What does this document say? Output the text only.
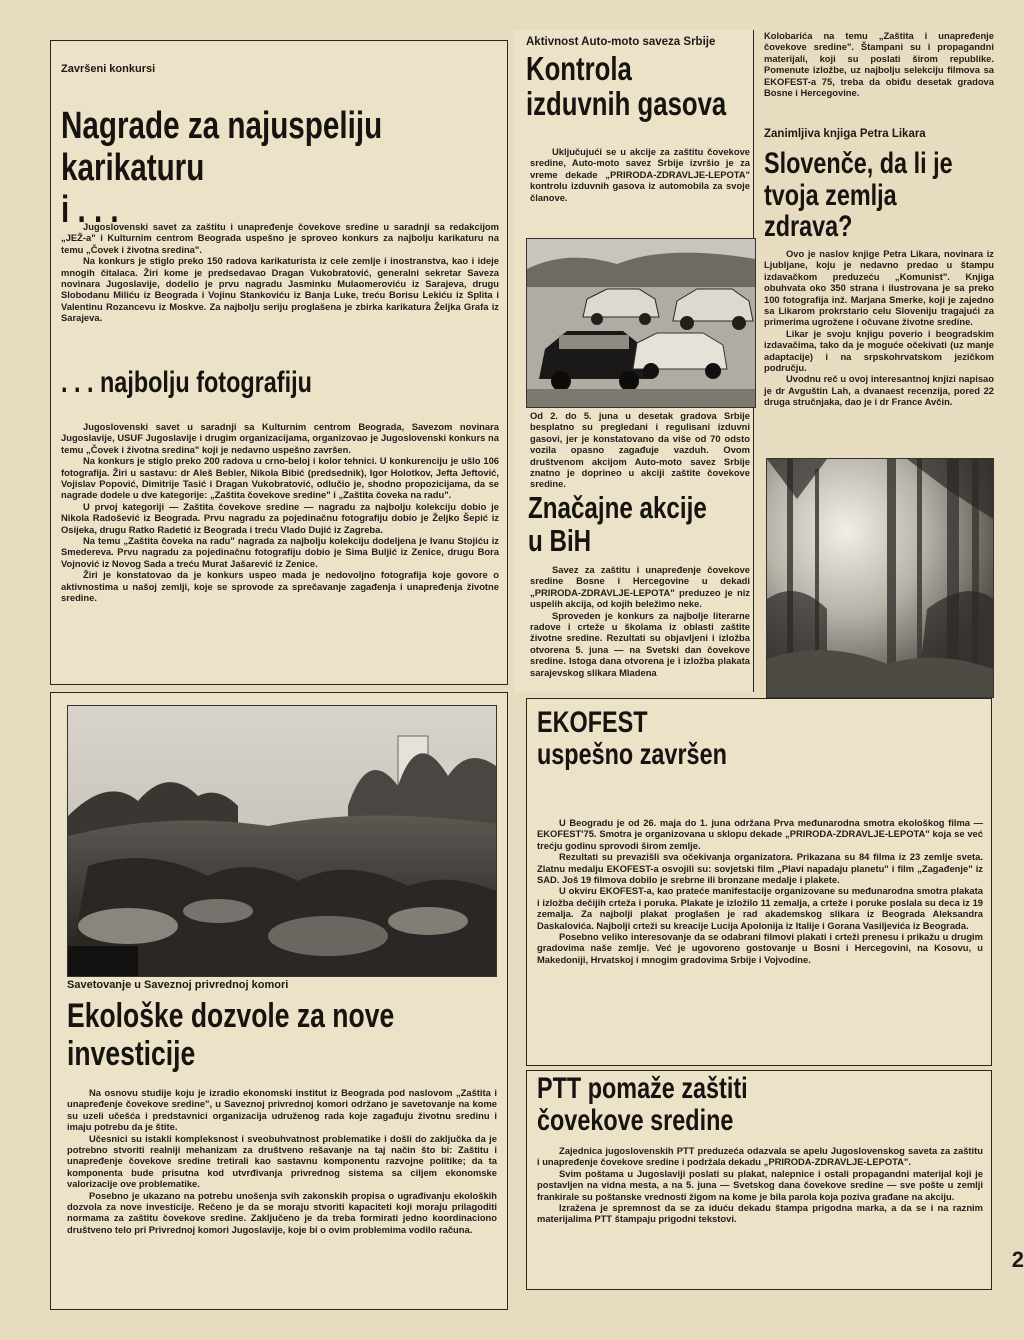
Završeni konkursi

Nagrade za najuspeliju

karikaturu

i . . .

Jugoslovenski savet za zaštitu i unapređenje čovekove sredine u saradnji sa redakcijom „JEŽ-a" i Kulturnim centrom Beograda uspešno je sproveo konkurs za najbolju karikaturu na temu „Čovek i životna sredina".

Na konkurs je stiglo preko 150 radova karikaturista iz cele zemlje i inostranstva, kao i ideje mnogih čitalaca. Žiri kome je predsedavao Dragan Vukobratović, generalni sekretar Saveza novinara Jugoslavije, dodelio je prvu nagradu Jasminku Mulaomeroviću iz Sarajeva, drugu Slobodanu Miliću iz Beograda i Vojinu Stankoviću iz Banja Luke, treću Borisu Lekiću iz Splita i Valentinu Rozancevu iz Moskve. Za najbolju seriju proglašena je zbirka karikatura Željka Grafa iz Sarajeva.

. . . najbolju fotografiju

Jugoslovenski savet u saradnji sa Kulturnim centrom Beograda, Savezom novinara Jugoslavije, USUF Jugoslavije i drugim organizacijama, organizovao je Jugoslovenski konkurs na temu „Čovek i životna sredina" koji je nedavno uspešno završen.

Na konkurs je stiglo preko 200 radova u crno-beloj i kolor tehnici. U konkurenciju je ušlo 106 fotografija. Žiri u sastavu: dr Aleš Bebler, Nikola Bibić (predsednik), Igor Holotkov, Jefta Jeftović, Vojislav Popović, Dimitrije Tasić i Dragan Vukobratović, odlučio je, shodno propozicijama, da se nagrade dodele u dve kategorije: „Zaštita čovekove sredine" i „Zaštita čoveka na radu".

U prvoj kategoriji — Zaštita čovekove sredine — nagradu za najbolju kolekciju dobio je Nikola Radošević iz Beograda. Prvu nagradu za pojedinačnu fotografiju dobio je Željko Šepić iz Osijeka, drugu Ratko Radetić iz Beograda i treću Vlado Dujić iz Zagreba.

Na temu „Zaštita čoveka na radu" nagrada za najbolju kolekciju dodeljena je Ivanu Stojiću iz Smedereva. Prvu nagradu za pojedinačnu fotografiju dobio je Sima Buljić iz Zenice, drugu Bora Vojnović iz Novog Sada a treću Murat Jašarević iz Zenice.

Žiri je konstatovao da je konkurs uspeo mada je nedovoljno fotografija koje govore o aktivnostima u našoj zemlji, koje se sprovode za sprečavanje zagađenja i unapređenja životne sredine.

Savetovanje u Saveznoj privrednoj komori

Ekološke dozvole za nove

investicije

Na osnovu studije koju je izradio ekonomski institut iz Beograda pod naslovom „Zaštita i unapređenje čovekove sredine", u Saveznoj privrednoj komori održano je savetovanje na kome su uzeli učešća i predstavnici organizacija udruženog rada koje zagađuju životnu sredinu i imaju potrebu da je štite.

Učesnici su istakli kompleksnost i sveobuhvatnost problematike i došli do zaključka da je potrebno stvoriti realniji mehanizam za društveno rešavanje na taj način što bi: Zaštitu i unapređenje čovekove sredine tretirali kao sastavnu komponentu razvojne politike; da ta komponenta bude prisutna kod utvrđivanja privrednog sistema sa ciljem ekonomske valorizacije ove problematike.

Posebno je ukazano na potrebu unošenja svih zakonskih propisa o ugrađivanju ekoloških dozvola za nove investicije. Rečeno je da se moraju stvoriti kapaciteti koji moraju prilagoditi normama za zaštitu čovekove sredine. Zaključeno je da treba formirati jedno koordinaciono društveno telo pri Privrednoj komori Jugoslavije, koje bi o ovim problemima vodilo računa.

Aktivnost Auto-moto saveza Srbije

Kontrola

izduvnih gasova

Uključujući se u akcije za zaštitu čovekove sredine, Auto-moto savez Srbije izvršio je za vreme dekade „PRIRODA-ZDRAVLJE-LEPOTA" kontrolu izduvnih gasova iz automobila za svoje članove.

Od 2. do 5. juna u desetak gradova Srbije besplatno su pregledani i regulisani izduvni gasovi, jer je konstatovano da više od 70 odsto vozila opasno zagađuje vazduh. Ovom društvenom akcijom Auto-moto savez Srbije znatno je doprineo u akciji zaštite čovekove sredine.

Značajne akcije

u BiH

Savez za zaštitu i unapređenje čovekove sredine Bosne i Hercegovine u dekadi „PRIRODA-ZDRAVLJE-LEPOTA" preduzeo je niz uspelih akcija, od kojih beležimo neke.

Sproveden je konkurs za najbolje literarne radove i crteže u školama iz oblasti zaštite životne sredine. Rezultati su objavljeni i izložba otvorena 5. juna — na Svetski dan čovekove sredine. Istoga dana otvorena je i izložba plakata sarajevskog slikara Mladena

Kolobarića na temu „Zaštita i unapređenje čovekove sredine". Štampani su i propagandni materijali, koji su poslati širom republike. Pomenute izložbe, uz najbolju selekciju filmova sa EKOFEST-a 75, treba da obiđu desetak gradova Bosne i Hercegovine.

Zanimljiva knjiga Petra Likara

Slovenče, da li je

tvoja zemlja

zdrava?

Ovo je naslov knjige Petra Likara, novinara iz Ljubljane, koju je nedavno predao u štampu izdavačkom preduzeću „Komunist". Knjiga obuhvata oko 350 strana i ilustrovana je sa preko 100 fotografija inž. Marjana Smerke, koji je zajedno sa Likarom prokrstario celu Sloveniju tragajući za primerima ugrožene i očuvane životne sredine.

Likar je svoju knjigu poverio i beogradskim izdavačima, tako da je moguće očekivati (uz manje adaptacije) i na srpskohrvatskom jezičkom području.

Uvodnu reč u ovoj interesantnoj knjizi napisao je dr Avguštin Lah, a dvanaest recenzija, pored 22 druga stručnjaka, dao je i dr France Avčin.

EKOFEST

uspešno završen

U Beogradu je od 26. maja do 1. juna održana Prva međunarodna smotra ekološkog filma — EKOFEST'75. Smotra je organizovana u sklopu dekade „PRIRODA-ZDRAVLJE-LEPOTA" koja se već trećju godinu sprovodi širom zemlje.

Rezultati su prevazišli sva očekivanja organizatora. Prikazana su 84 filma iz 23 zemlje sveta. Zlatnu medalju EKOFEST-a osvojili su: sovjetski film „Plavi napadaju planetu" i film „Zagađenje" iz SAD. Još 19 filmova dobilo je srebrne ili bronzane medalje i plakete.

U okviru EKOFEST-a, kao prateće manifestacije organizovane su međunarodna smotra plakata i izložba dečijih crteža i poruka. Plakate je izložilo 11 zemalja, a crteže i poruke poslala su deca iz 19 zemalja. Za najbolji plakat proglašen je rad akademskog slikara iz Beograda Aleksandra Daskalovića. Najbolji crteži su kreacije Lucija Apolonija iz Italije i Gorana Vasiljevića iz Beograda.

Posebno veliko interesovanje da se odabrani filmovi plakati i crteži prenesu i prikažu u drugim gradovima naše zemlje. Već je ugovoreno gostovanje u Bosni i Hercegovini, na Kosovu, u Makedoniji, Hrvatskoj i mnogim gradovima Srbije i Vojvodine.

PTT pomaže zaštiti

čovekove sredine

Zajednica jugoslovenskih PTT preduzeća odazvala se apelu Jugoslovenskog saveta za zaštitu i unapređenje čovekove sredine i podržala dekadu „PRIRODA-ZDRAVLJE-LEPOTA".

Svim poštama u Jugoslaviji poslati su plakat, nalepnice i ostali propagandni materijal koji je postavljen na vidna mesta, a na 5. juna — Svetskog dana čovekove sredine — sve pošte u zemlji frankirale su poštanske vrednosti žigom na kome je bila parola koja poziva građane na akciju.

Izražena je spremnost da se za iduću dekadu štampa prigodna marka, a da se i na raznim materijalima PTT štampaju prigodni tekstovi.

2
